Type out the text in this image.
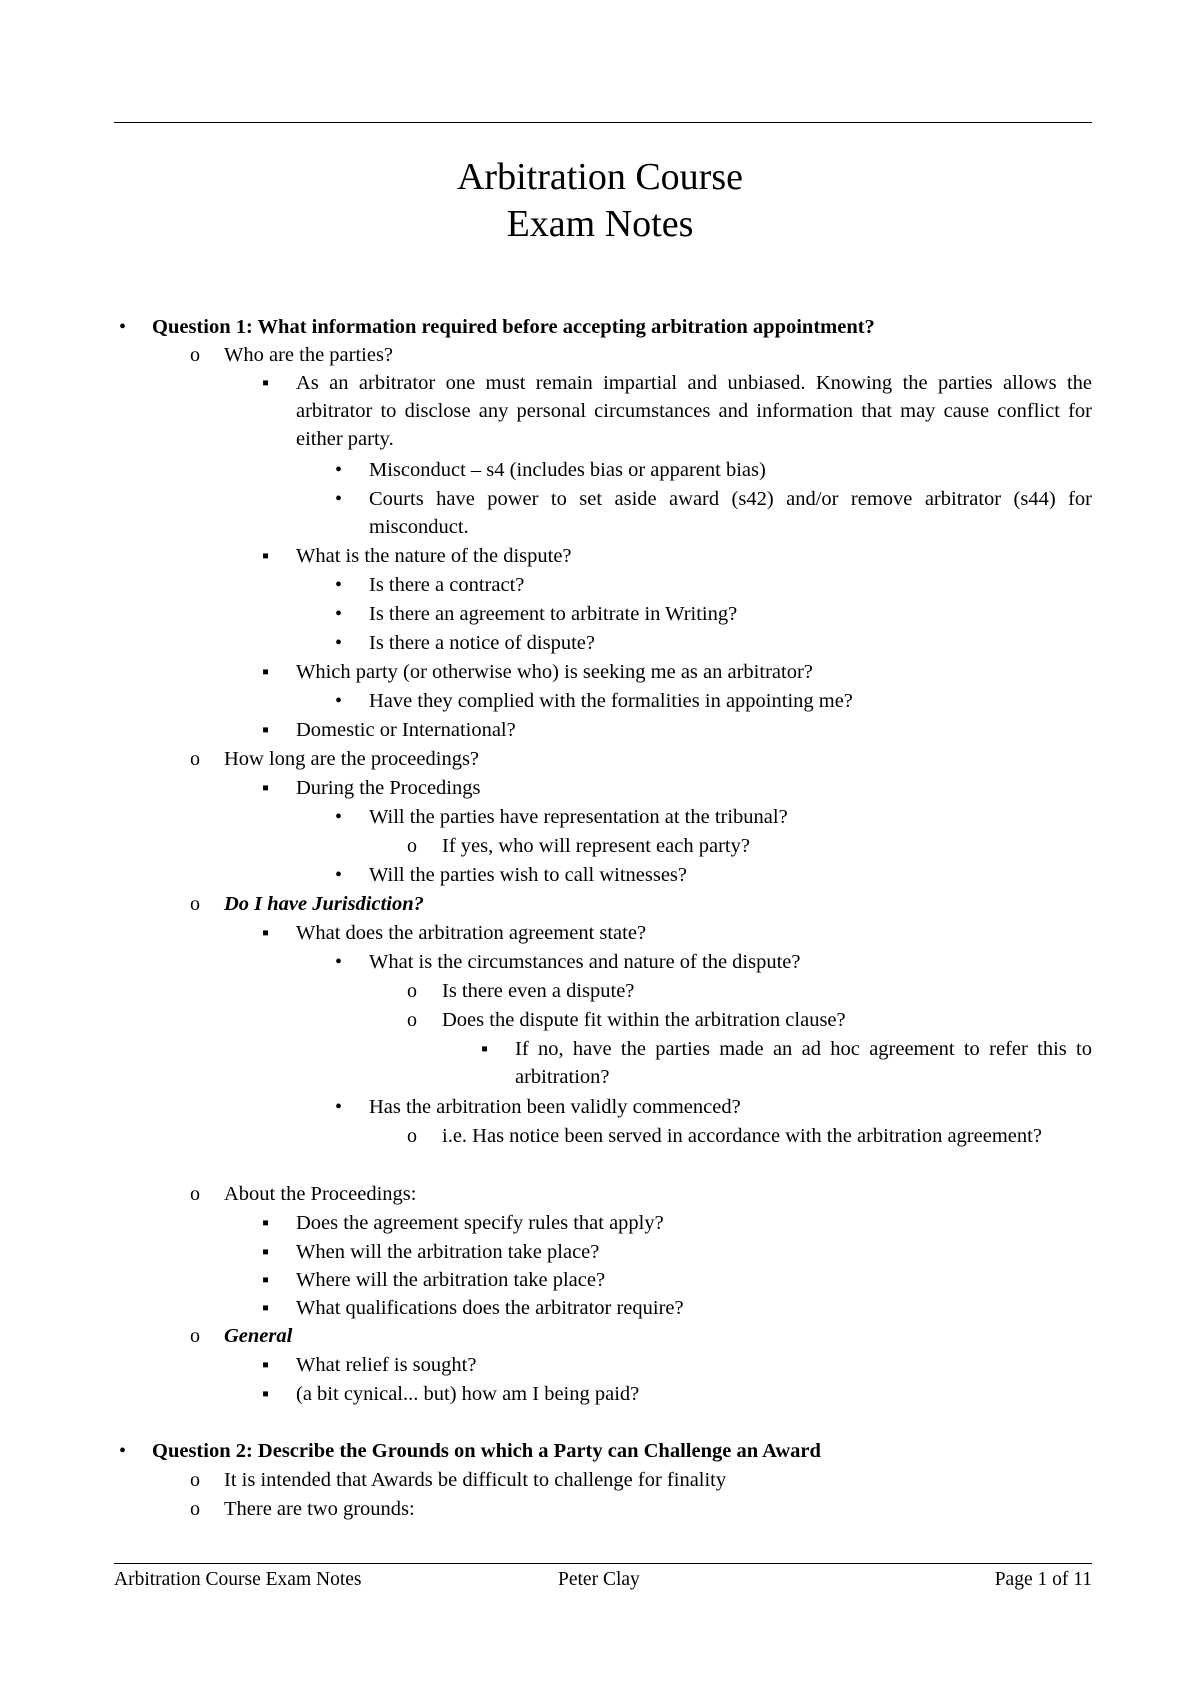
Arbitration Course
Exam Notes
• Question 1: What information required before accepting arbitration appointment?
o Who are the parties?
▪ As an arbitrator one must remain impartial and unbiased. Knowing the parties allows the arbitrator to disclose any personal circumstances and information that may cause conflict for either party.
• Misconduct – s4 (includes bias or apparent bias)
• Courts have power to set aside award (s42) and/or remove arbitrator (s44) for misconduct.
▪ What is the nature of the dispute?
• Is there a contract?
• Is there an agreement to arbitrate in Writing?
• Is there a notice of dispute?
▪ Which party (or otherwise who) is seeking me as an arbitrator?
• Have they complied with the formalities in appointing me?
▪ Domestic or International?
o How long are the proceedings?
▪ During the Procedings
• Will the parties have representation at the tribunal?
o If yes, who will represent each party?
• Will the parties wish to call witnesses?
o Do I have Jurisdiction?
▪ What does the arbitration agreement state?
• What is the circumstances and nature of the dispute?
o Is there even a dispute?
o Does the dispute fit within the arbitration clause?
▪ If no, have the parties made an ad hoc agreement to refer this to arbitration?
• Has the arbitration been validly commenced?
o i.e. Has notice been served in accordance with the arbitration agreement?
o About the Proceedings:
▪ Does the agreement specify rules that apply?
▪ When will the arbitration take place?
▪ Where will the arbitration take place?
▪ What qualifications does the arbitrator require?
o General
▪ What relief is sought?
▪ (a bit cynical... but) how am I being paid?
• Question 2: Describe the Grounds on which a Party can Challenge an Award
o It is intended that Awards be difficult to challenge for finality
o There are two grounds:
Arbitration Course Exam Notes	Peter Clay	Page 1 of 11
